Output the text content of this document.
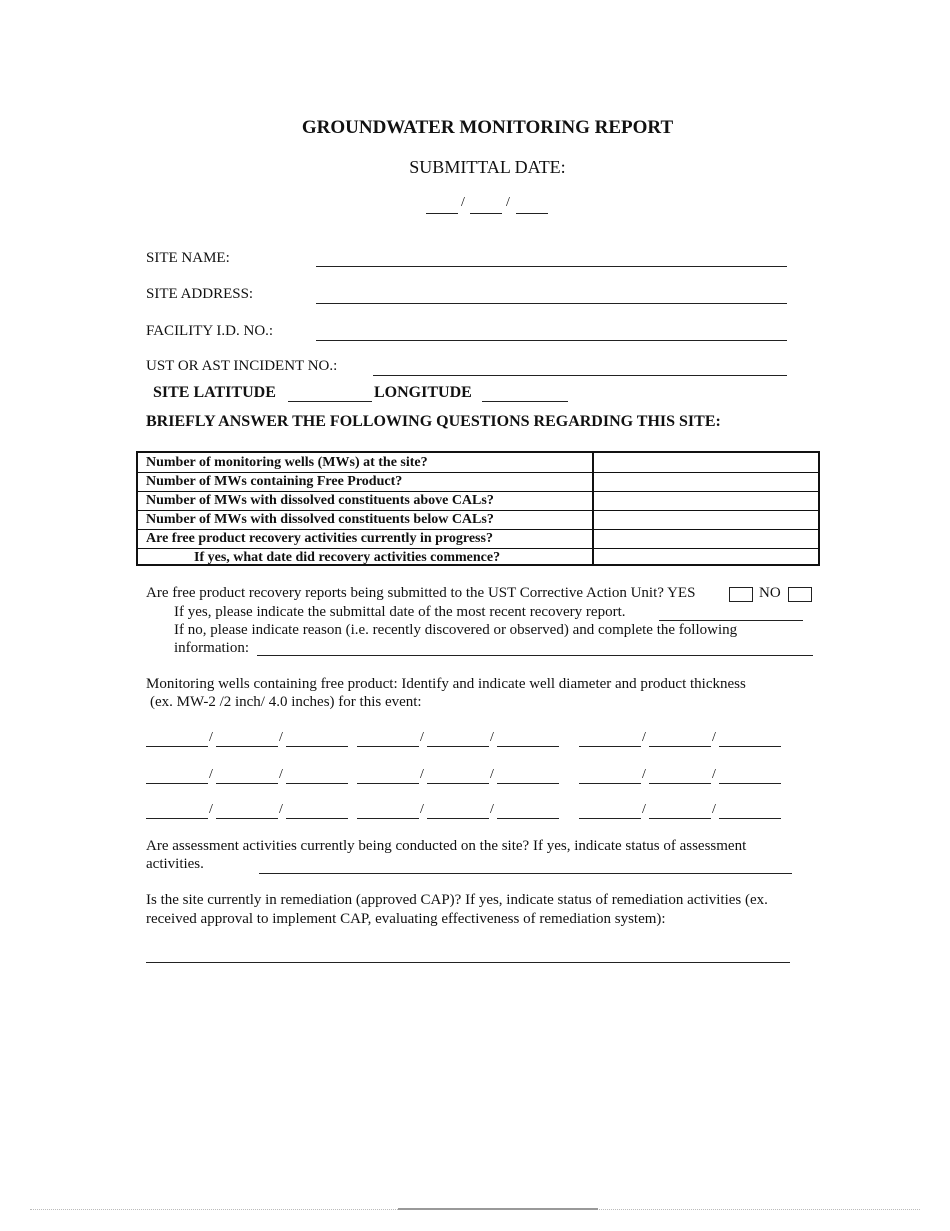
GROUNDWATER MONITORING REPORT
SUBMITTAL DATE:
/	/
SITE NAME:
SITE ADDRESS:
FACILITY I.D. NO.:
UST OR AST INCIDENT NO.:
SITE LATITUDE	LONGITUDE
BRIEFLY ANSWER THE FOLLOWING QUESTIONS REGARDING THIS SITE:
Number of monitoring wells (MWs) at the site?
Number of MWs containing Free Product?
Number of MWs with dissolved constituents above CALs?
Number of MWs with dissolved constituents below CALs?
Are free product recovery activities currently in progress?
If yes, what date did recovery activities commence?
Are free product recovery reports being submitted to the UST Corrective Action Unit? YES	NO
If yes, please indicate the submittal date of the most recent recovery report.
If no, please indicate reason (i.e. recently discovered or observed) and complete the following
information:
Monitoring wells containing free product: Identify and indicate well diameter and product thickness
(ex. MW-2 /2 inch/ 4.0 inches) for this event:
/	/	/	/	/	/
/	/	/	/	/	/
/	/	/	/	/	/
Are assessment activities currently being conducted on the site? If yes, indicate status of assessment
activities.
Is the site currently in remediation (approved CAP)? If yes, indicate status of remediation activities (ex.
received approval to implement CAP, evaluating effectiveness of remediation system):
